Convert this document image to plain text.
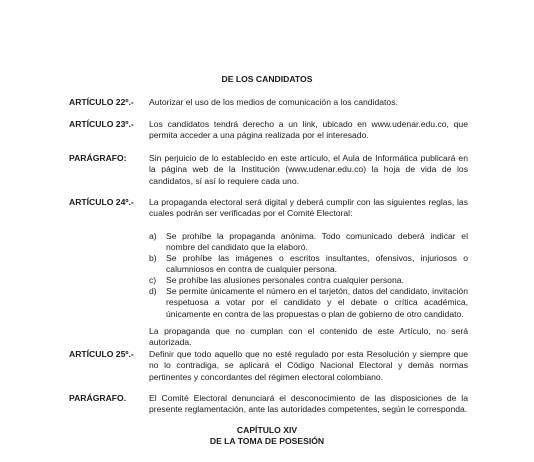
DE LOS CANDIDATOS
ARTÍCULO 22º.-	Autorizar el uso de los medios de comunicación a los candidatos.
ARTÍCULO 23º.-	Los candidatos tendrá derecho a un link, ubicado en www.udenar.edu.co, que permita acceder a una página realizada por el interesado.
PARÁGRAFO:	Sin perjuicio de lo establecido en este artículo, el Aula de Informática publicará en la página web de la Institución (www.udenar.edu.co) la hoja de vida de los candidatos, sí así lo requiere cada uno.
ARTÍCULO 24º.-	La propaganda electoral será digital y deberá cumplir con las siguientes reglas, las cuales podrán ser verificadas por el Comité Electoral:
a)	Se prohíbe la propaganda anónima. Todo comunicado deberá indicar el nombre del candidato que la elaboró.
b)	Se prohíbe las imágenes o escritos insultantes, ofensivos, injuriosos o calumniosos en contra de cualquier persona.
c)	Se prohíbe las alusiones personales contra cualquier persona.
d)	Se permite únicamente el número en el tarjetón, datos del candidato, invitación respetuosa a votar por el candidato y el debate o crítica académica, únicamente en contra de las propuestas o plan de gobierno de otro candidato.
La propaganda que no cumplan con el contenido de este Artículo, no será autorizada.
ARTÍCULO 25º.-	Definir que todo aquello que no esté regulado por esta Resolución y siempre que no lo contradiga, se aplicará el Código Nacional Electoral y demás normas pertinentes y concordantes del régimen electoral colombiano.
PARÁGRAFO.	El Comité Electoral denunciará el desconocimiento de las disposiciones de la presente reglamentación, ante las autoridades competentes, según le corresponda.
CAPÍTULO XIV
DE LA TOMA DE POSESIÓN
